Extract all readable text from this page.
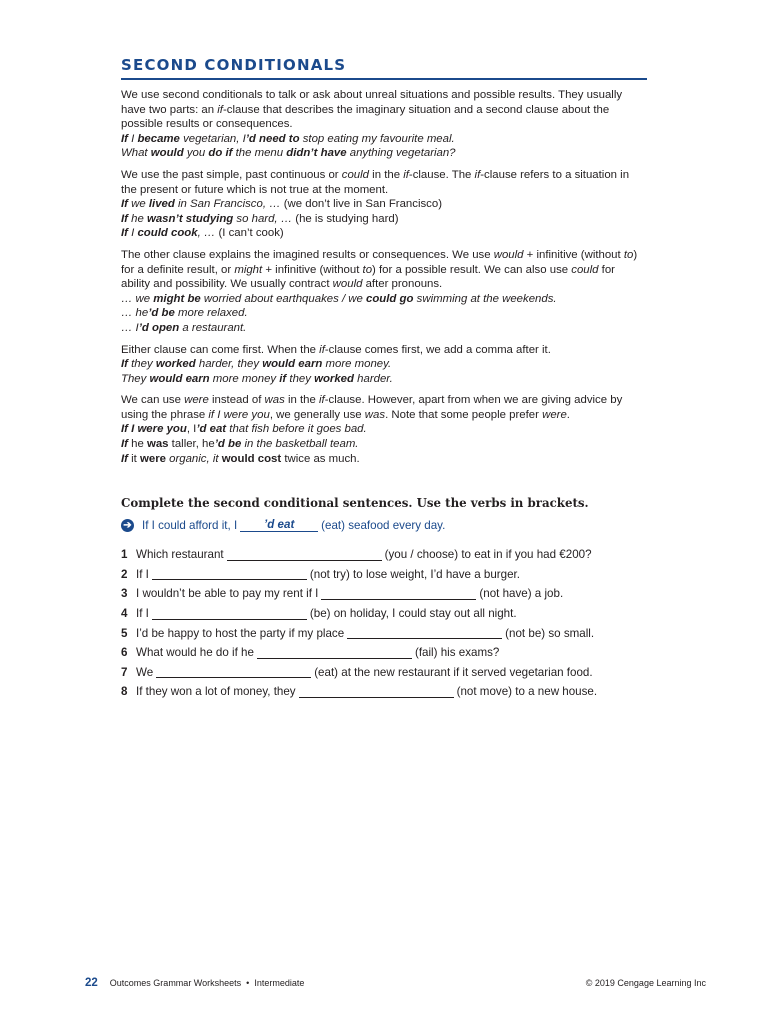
SECOND CONDITIONALS

We use second conditionals to talk or ask about unreal situations and possible results. They usually have two parts: an if-clause that describes the imaginary situation and a second clause about the possible results or consequences.
If I became vegetarian, I’d need to stop eating my favourite meal.
What would you do if the menu didn’t have anything vegetarian?

We use the past simple, past continuous or could in the if-clause. The if-clause refers to a situation in the present or future which is not true at the moment.
If we lived in San Francisco, … (we don’t live in San Francisco)
If he wasn’t studying so hard, … (he is studying hard)
If I could cook, … (I can’t cook)

The other clause explains the imagined results or consequences. We use would + infinitive (without to) for a definite result, or might + infinitive (without to) for a possible result. We can also use could for ability and possibility. We usually contract would after pronouns.
… we might be worried about earthquakes / we could go swimming at the weekends.
… he’d be more relaxed.
… I’d open a restaurant.

Either clause can come first. When the if-clause comes first, we add a comma after it.
If they worked harder, they would earn more money.
They would earn more money if they worked harder.

We can use were instead of was in the if-clause. However, apart from when we are giving advice by using the phrase if I were you, we generally use was. Note that some people prefer were.
If I were you, I’d eat that fish before it goes bad.
If he was taller, he’d be in the basketball team.
If it were organic, it would cost twice as much.

Complete the second conditional sentences. Use the verbs in brackets.
➔ If I could afford it, I	’d eat	(eat) seafood every day.
1 Which restaurant	(you / choose) to eat in if you had €200?
2 If I	(not try) to lose weight, I’d have a burger.
3 I wouldn’t be able to pay my rent if I	(not have) a job.
4 If I	(be) on holiday, I could stay out all night.
5 I’d be happy to host the party if my place	(not be) so small.
6 What would he do if he	(fail) his exams?
7 We	(eat) at the new restaurant if it served vegetarian food.
8 If they won a lot of money, they	(not move) to a new house.
22 Outcomes Grammar Worksheets  •  Intermediate	© 2019 Cengage Learning Inc
